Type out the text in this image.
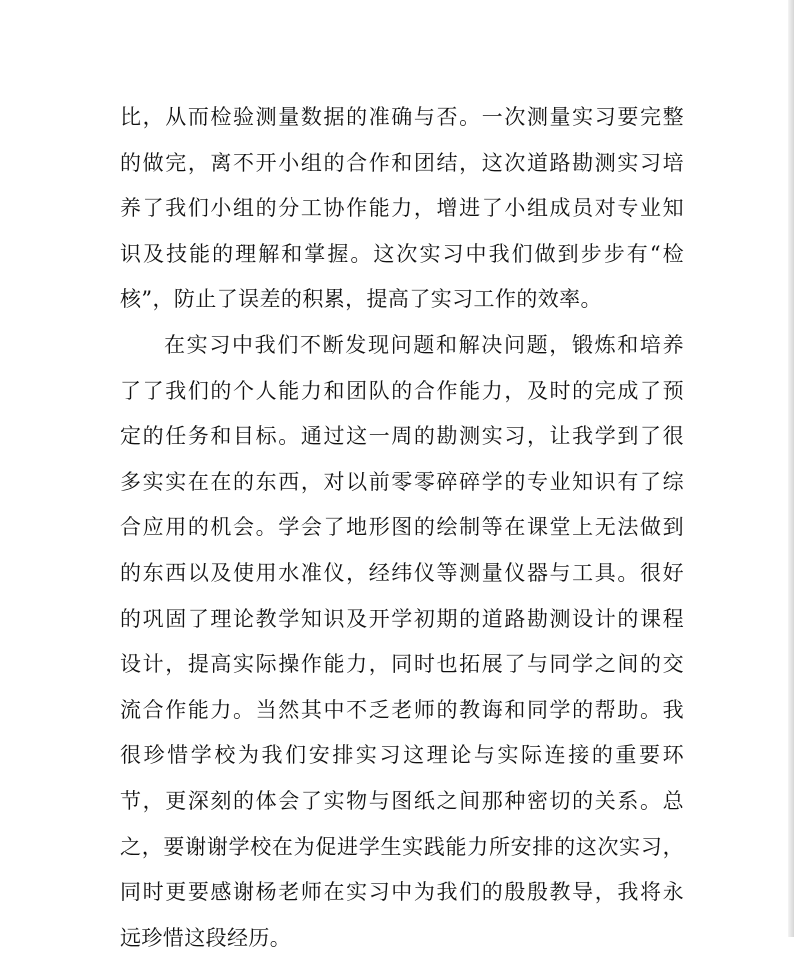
比，从而检验测量数据的准确与否。一次测量实习要完整
的做完，离不开小组的合作和团结，这次道路勘测实习培
养了我们小组的分工协作能力，增进了小组成员对专业知
识及技能的理解和掌握。这次实习中我们做到步步有“检
核”，防止了误差的积累，提高了实习工作的效率。
在实习中我们不断发现问题和解决问题，锻炼和培养
了了我们的个人能力和团队的合作能力，及时的完成了预
定的任务和目标。通过这一周的勘测实习，让我学到了很
多实实在在的东西，对以前零零碎碎学的专业知识有了综
合应用的机会。学会了地形图的绘制等在课堂上无法做到
的东西以及使用水准仪，经纬仪等测量仪器与工具。很好
的巩固了理论教学知识及开学初期的道路勘测设计的课程
设计，提高实际操作能力，同时也拓展了与同学之间的交
流合作能力。当然其中不乏老师的教诲和同学的帮助。我
很珍惜学校为我们安排实习这理论与实际连接的重要环
节，更深刻的体会了实物与图纸之间那种密切的关系。总
之，要谢谢学校在为促进学生实践能力所安排的这次实习，
同时更要感谢杨老师在实习中为我们的殷殷教导，我将永
远珍惜这段经历。
